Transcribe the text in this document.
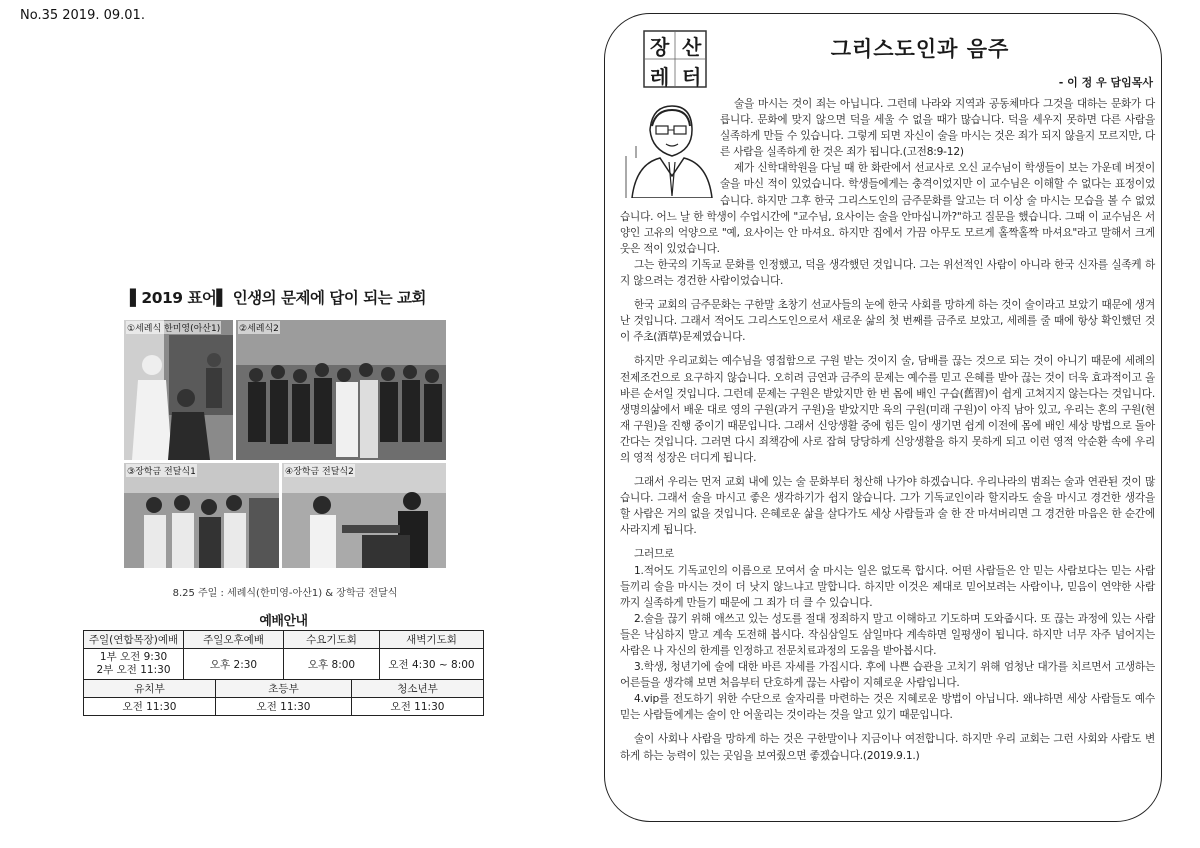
No.35 2019. 09.01.
▌2019 표어▌ 인생의 문제에 답이 되는 교회
①세례식 한미영(아산1) ②세례식2
③장학금 전달식1	④장학금 전달식2
8.25 주일 : 세례식(한미영-아산1) & 장학금 전달식
예배안내
주일(연합목장)예배	주일오후예배	수요기도회	새벽기도회

1부 오전 9:30
2부 오전 11:30	오후 2:30	오후 8:00	오전 4:30 ~ 8:00
유치부	초등부	청소년부
오전 11:30	오전 11:30	오전 11:30
장 산
레 터
그리스도인과 음주
- 이 정 우 담임목사

술을 마시는 것이 죄는 아닙니다. 그런데 나라와 지역과 공동체마다 그것을 대하는 문화가 다릅니다. 문화에 맞지 않으면 덕을 세울 수 없을 때가 많습니다. 덕을 세우지 못하면 다른 사람을 실족하게 만들 수 있습니다. 그렇게 되면 자신이 술을 마시는 것은 죄가 되지 않을지 모르지만, 다른 사람을 실족하게 한 것은 죄가 됩니다.(고전8:9-12)

제가 신학대학원을 다닐 때 한 화란에서 선교사로 오신 교수님이 학생들이 보는 가운데 버젓이 술을 마신 적이 있었습니다. 학생들에게는 충격이었지만 이 교수님은 이해할 수 없다는 표정이었습니다. 하지만 그후 한국 그리스도인의 금주문화를 알고는 더 이상 술 마시는 모습을 볼 수 없었습니다. 어느 날 한 학생이 수업시간에 "교수님, 요사이는 술을 안마십니까?"하고 질문을 했습니다. 그때 이 교수님은 서양인 고유의 억양으로 "예, 요사이는 안 마셔요. 하지만 집에서 가끔 아무도 모르게 홀짝홀짝 마셔요"라고 말해서 크게 웃은 적이 있었습니다.

그는 한국의 기독교 문화를 인정했고, 덕을 생각했던 것입니다. 그는 위선적인 사람이 아니라 한국 신자를 실족케 하지 않으려는 경건한 사람이었습니다.

한국 교회의 금주문화는 구한말 초창기 선교사들의 눈에 한국 사회를 망하게 하는 것이 술이라고 보았기 때문에 생겨난 것입니다. 그래서 적어도 그리스도인으로서 새로운 삶의 첫 번째를 금주로 보았고, 세례를 줄 때에 항상 확인했던 것이 주초(酒草)문제였습니다.

하지만 우리교회는 예수님을 영접함으로 구원 받는 것이지 술, 담배를 끊는 것으로 되는 것이 아니기 때문에 세례의 전제조건으로 요구하지 않습니다. 오히려 금연과 금주의 문제는 예수를 믿고 은혜를 받아 끊는 것이 더욱 효과적이고 올바른 순서일 것입니다. 그런데 문제는 구원은 받았지만 한 번 몸에 배인 구습(舊習)이 쉽게 고쳐지지 않는다는 것입니다. 생명의삶에서 배운 대로 영의 구원(과거 구원)을 받았지만 육의 구원(미래 구원)이 아직 남아 있고, 우리는 혼의 구원(현재 구원)을 진행 중이기 때문입니다. 그래서 신앙생활 중에 힘든 일이 생기면 쉽게 이전에 몸에 배인 세상 방법으로 돌아간다는 것입니다. 그러면 다시 죄책감에 사로 잡혀 당당하게 신앙생활을 하지 못하게 되고 이런 영적 악순환 속에 우리의 영적 성장은 더디게 됩니다.

그래서 우리는 먼저 교회 내에 있는 술 문화부터 청산해 나가야 하겠습니다. 우리나라의 범죄는 술과 연관된 것이 많습니다. 그래서 술을 마시고 좋은 생각하기가 쉽지 않습니다. 그가 기독교인이라 할지라도 술을 마시고 경건한 생각을 할 사람은 거의 없을 것입니다. 은혜로운 삶을 살다가도 세상 사람들과 술 한 잔 마셔버리면 그 경건한 마음은 한 순간에 사라지게 됩니다.

그러므로

1.적어도 기독교인의 이름으로 모여서 술 마시는 일은 없도록 합시다. 어떤 사람들은 안 믿는 사람보다는 믿는 사람들끼리 술을 마시는 것이 더 낫지 않느냐고 말합니다. 하지만 이것은 제대로 믿어보려는 사람이나, 믿음이 연약한 사람까지 실족하게 만들기 때문에 그 죄가 더 클 수 있습니다.

2.술을 끊기 위해 애쓰고 있는 성도를 절대 정죄하지 말고 이해하고 기도하며 도와줍시다. 또 끊는 과정에 있는 사람들은 낙심하지 말고 계속 도전해 봅시다. 작심삼일도 삼일마다 계속하면 일평생이 됩니다. 하지만 너무 자주 넘어지는 사람은 나 자신의 한계를 인정하고 전문치료과정의 도움을 받아봅시다.

3.학생, 청년기에 술에 대한 바른 자세를 가집시다. 후에 나쁜 습관을 고치기 위해 엄청난 대가를 치르면서 고생하는 어른들을 생각해 보면 처음부터 단호하게 끊는 사람이 지혜로운 사람입니다.

4.vip를 전도하기 위한 수단으로 술자리를 마련하는 것은 지혜로운 방법이 아닙니다. 왜냐하면 세상 사람들도 예수 믿는 사람들에게는 술이 안 어울리는 것이라는 것을 알고 있기 때문입니다.

술이 사회나 사람을 망하게 하는 것은 구한말이나 지금이나 여전합니다. 하지만 우리 교회는 그런 사회와 사람도 변하게 하는 능력이 있는 곳임을 보여줬으면 좋겠습니다.(2019.9.1.)
